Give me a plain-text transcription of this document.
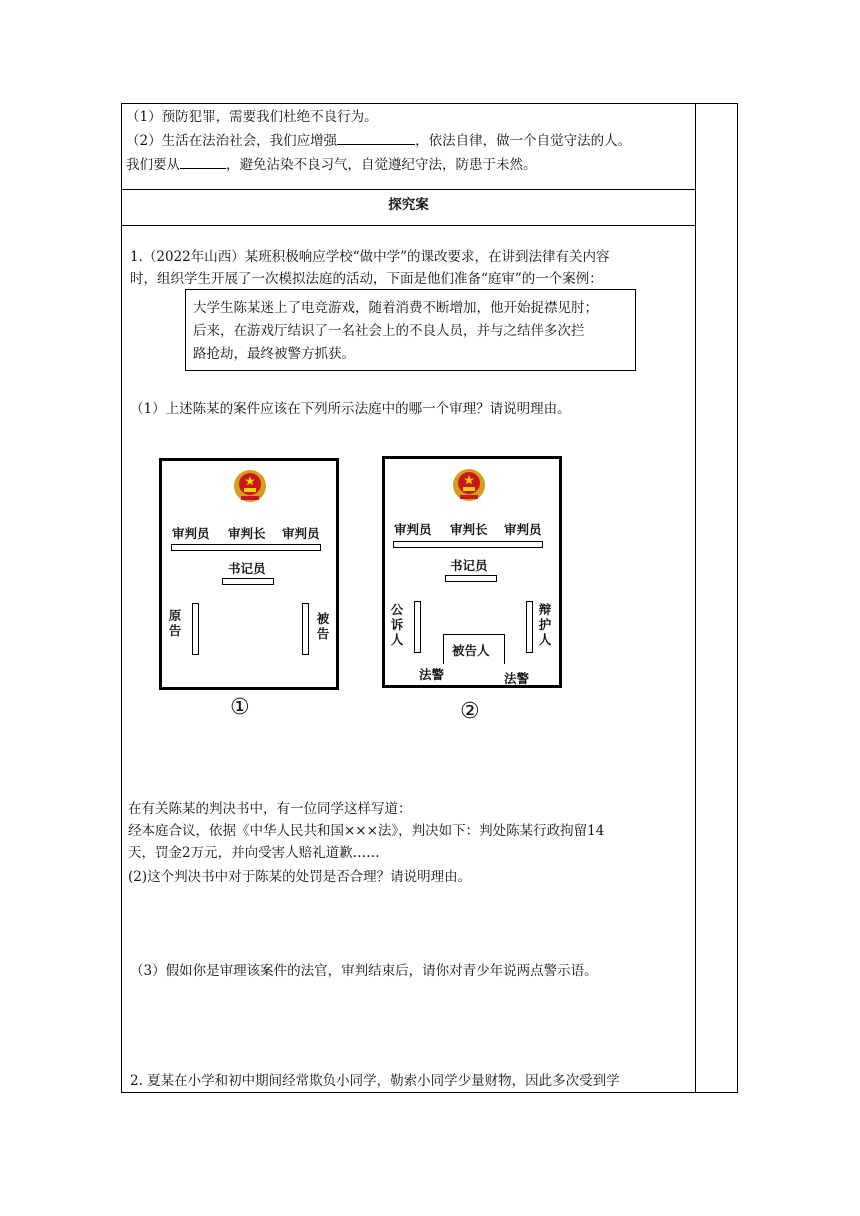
（1）预防犯罪，需要我们杜绝不良行为。
（2）生活在法治社会，我们应增强	，依法自律，做一个自觉守法的人。
我们要从	，避免沾染不良习气，自觉遵纪守法，防患于未然。
探究案
1.（2022年山西）某班积极响应学校“做中学”的课改要求，在讲到法律有关内容
时，组织学生开展了一次模拟法庭的活动，下面是他们准备“庭审”的一个案例：
大学生陈某迷上了电竞游戏，随着消费不断增加，他开始捉襟见肘；
后来，在游戏厅结识了一名社会上的不良人员，并与之结伴多次拦
路抢劫，最终被警方抓获。
（1）上述陈某的案件应该在下列所示法庭中的哪一个审理？请说明理由。
审判员 审判长 审判员
书记员
原告
被告
①
审判员 审判长 审判员
书记员
公诉人
辩护人
被告人
法警	法警
②
在有关陈某的判决书中，有一位同学这样写道：
经本庭合议，依据《中华人民共和国×××法》，判决如下：判处陈某行政拘留14
天，罚金2万元，并向受害人赔礼道歉……
(2)这个判决书中对于陈某的处罚是否合理？请说明理由。
（3）假如你是审理该案件的法官，审判结束后，请你对青少年说两点警示语。
2. 夏某在小学和初中期间经常欺负小同学，勒索小同学少量财物，因此多次受到学
